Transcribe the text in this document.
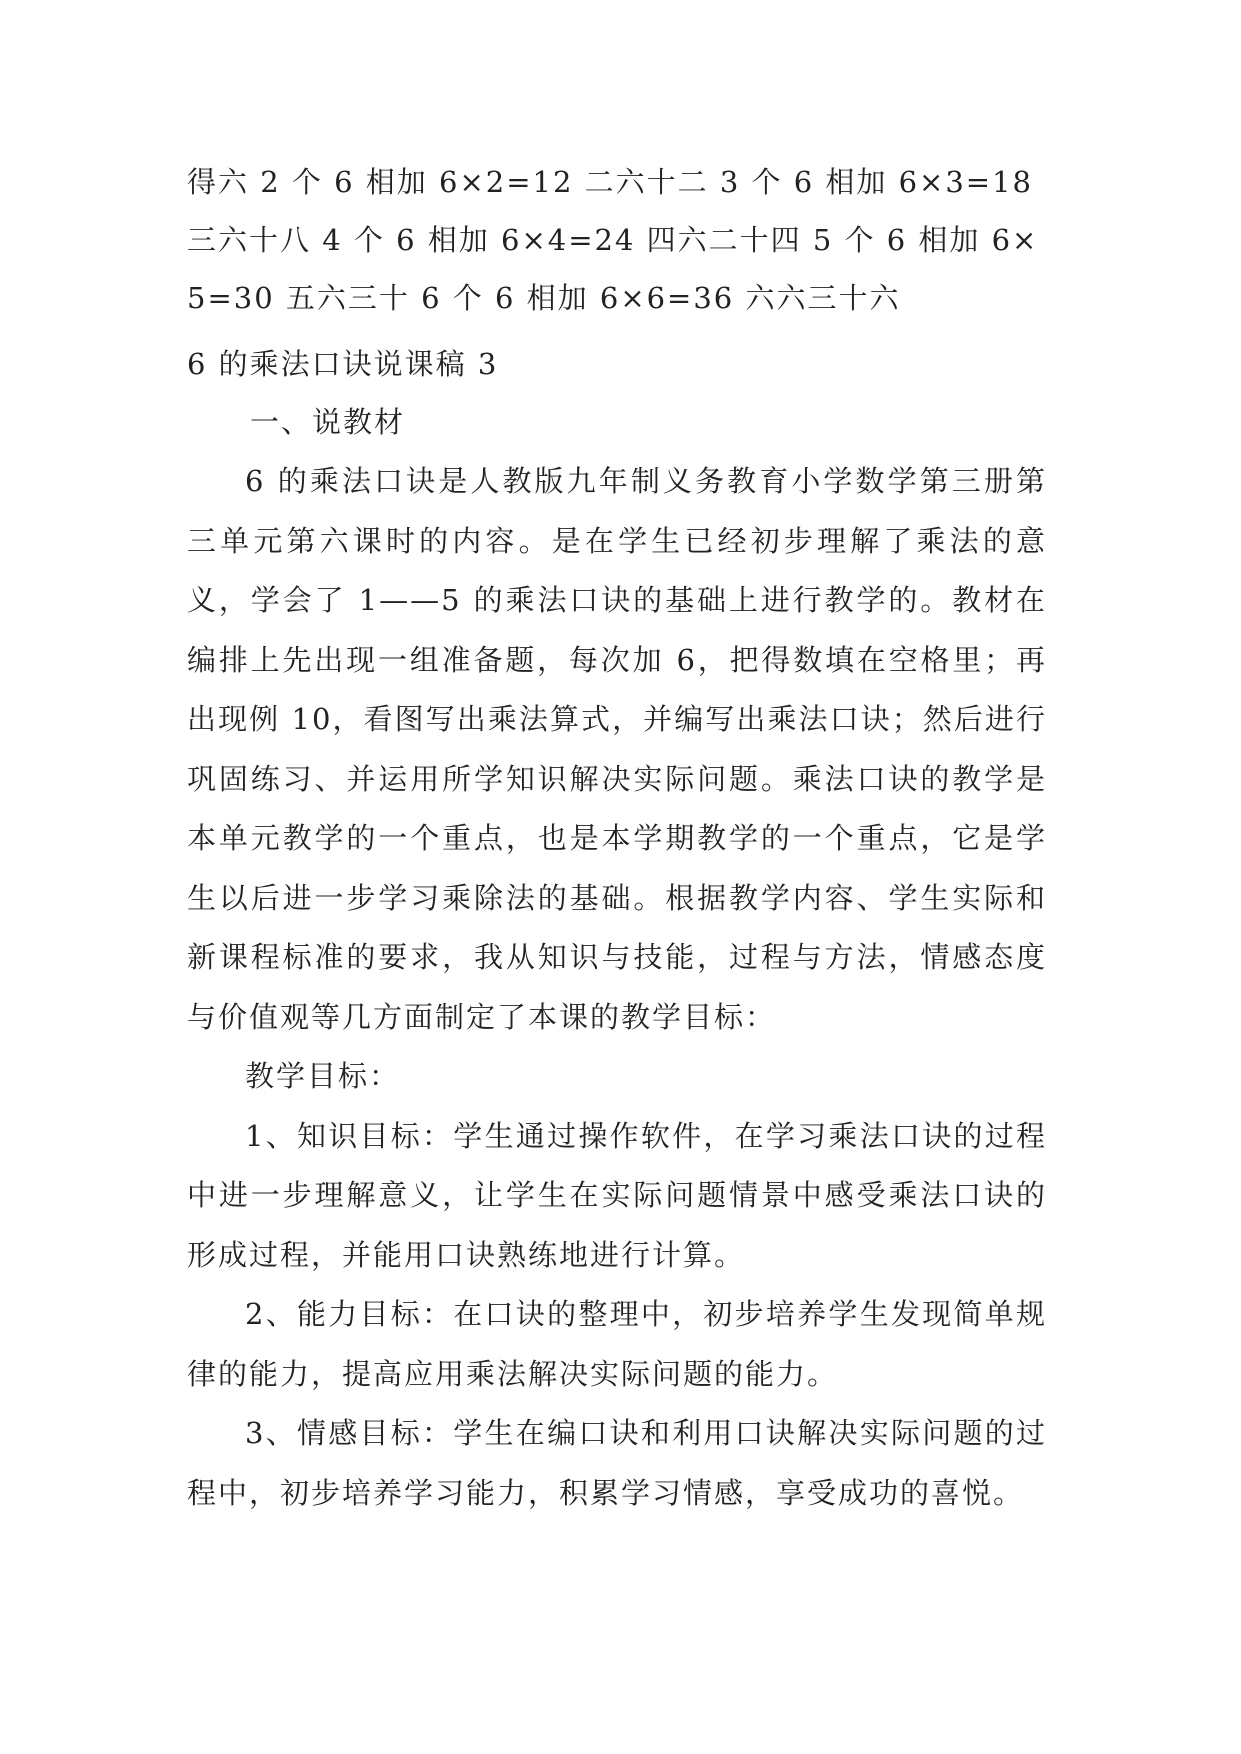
得六 2 个 6 相加 6×2=12 二六十二 3 个 6 相加 6×3=18 三六十八 4 个 6 相加 6×4=24 四六二十四 5 个 6 相加 6×5=30 五六三十 6 个 6 相加 6×6=36 六六三十六
6 的乘法口诀说课稿 3
一、说教材

6 的乘法口诀是人教版九年制义务教育小学数学第三册第三单元第六课时的内容。是在学生已经初步理解了乘法的意义，学会了 1——5 的乘法口诀的基础上进行教学的。教材在编排上先出现一组准备题，每次加 6，把得数填在空格里；再出现例 10，看图写出乘法算式，并编写出乘法口诀；然后进行巩固练习、并运用所学知识解决实际问题。乘法口诀的教学是本单元教学的一个重点，也是本学期教学的一个重点，它是学生以后进一步学习乘除法的基础。根据教学内容、学生实际和新课程标准的要求，我从知识与技能，过程与方法，情感态度与价值观等几方面制定了本课的教学目标：

教学目标：

1、知识目标：学生通过操作软件，在学习乘法口诀的过程中进一步理解意义，让学生在实际问题情景中感受乘法口诀的形成过程，并能用口诀熟练地进行计算。

2、能力目标：在口诀的整理中，初步培养学生发现简单规律的能力，提高应用乘法解决实际问题的能力。

3、情感目标：学生在编口诀和利用口诀解决实际问题的过程中，初步培养学习能力，积累学习情感，享受成功的喜悦。
